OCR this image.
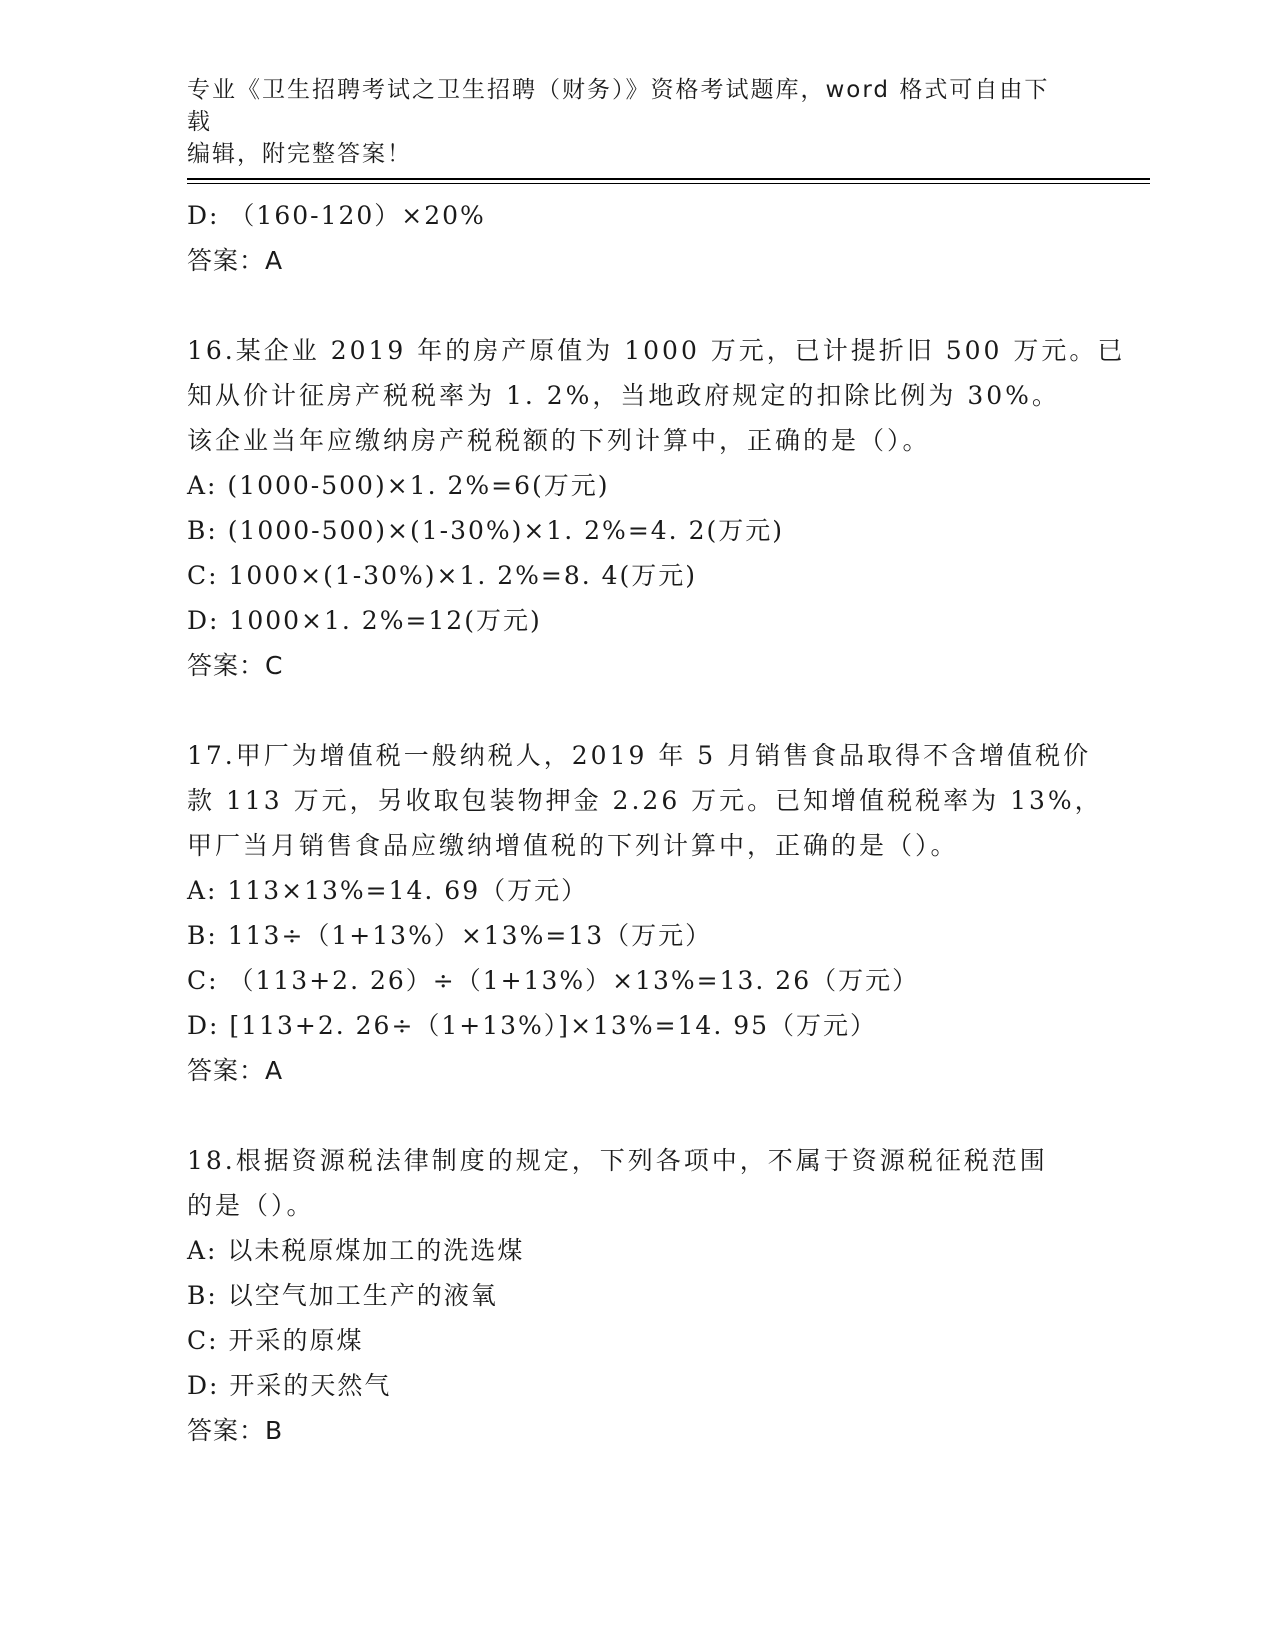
专业《卫生招聘考试之卫生招聘（财务）》资格考试题库，word 格式可自由下载
编辑，附完整答案！
D: （160-120）×20%
答案：A
16.某企业 2019 年的房产原值为 1000 万元，已计提折旧 500 万元。已
知从价计征房产税税率为 1. 2%，当地政府规定的扣除比例为 30%。
该企业当年应缴纳房产税税额的下列计算中，正确的是（）。
A: (1000-500)×1. 2%=6(万元)
B: (1000-500)×(1-30%)×1. 2%=4. 2(万元)
C: 1000×(1-30%)×1. 2%=8. 4(万元)
D: 1000×1. 2%=12(万元)
答案：C
17.甲厂为增值税一般纳税人，2019 年 5 月销售食品取得不含增值税价
款 113 万元，另收取包装物押金 2.26 万元。已知增值税税率为 13%，
甲厂当月销售食品应缴纳增值税的下列计算中，正确的是（）。
A: 113×13%=14. 69（万元）
B: 113÷（1+13%）×13%=13（万元）
C: （113+2. 26）÷（1+13%）×13%=13. 26（万元）
D: [113+2. 26÷（1+13%）]×13%=14. 95（万元）
答案：A
18.根据资源税法律制度的规定，下列各项中，不属于资源税征税范围
的是（）。
A: 以未税原煤加工的洗选煤
B: 以空气加工生产的液氧
C: 开采的原煤
D: 开采的天然气
答案：B
